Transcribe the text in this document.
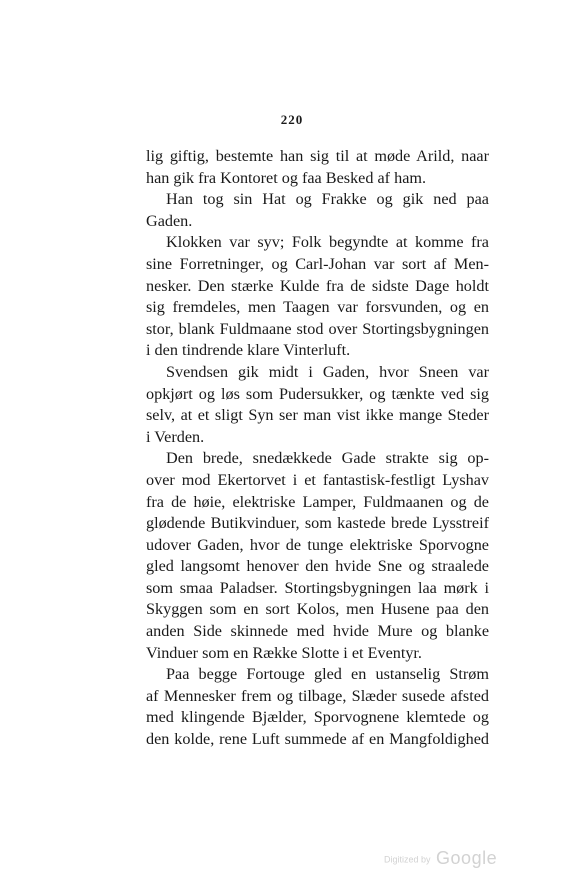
220
lig giftig, bestemte han sig til at møde Arild, naar
han gik fra Kontoret og faa Besked af ham.
Han tog sin Hat og Frakke og gik ned paa
Gaden.
Klokken var syv; Folk begyndte at komme fra
sine Forretninger, og Carl-Johan var sort af Men-
nesker. Den stærke Kulde fra de sidste Dage holdt
sig fremdeles, men Taagen var forsvunden, og en
stor, blank Fuldmaane stod over Stortingsbygningen
i den tindrende klare Vinterluft.
Svendsen gik midt i Gaden, hvor Sneen var
opkjørt og løs som Pudersukker, og tænkte ved sig
selv, at et sligt Syn ser man vist ikke mange Steder
i Verden.
Den brede, snedækkede Gade strakte sig op-
over mod Ekertorvet i et fantastisk-festligt Lyshav
fra de høie, elektriske Lamper, Fuldmaanen og de
glødende Butikvinduer, som kastede brede Lysstreif
udover Gaden, hvor de tunge elektriske Sporvogne
gled langsomt henover den hvide Sne og straalede
som smaa Paladser. Stortingsbygningen laa mørk i
Skyggen som en sort Kolos, men Husene paa den
anden Side skinnede med hvide Mure og blanke
Vinduer som en Række Slotte i et Eventyr.
Paa begge Fortouge gled en ustanselig Strøm
af Mennesker frem og tilbage, Slæder susede afsted
med klingende Bjælder, Sporvognene klemtede og
den kolde, rene Luft summede af en Mangfoldighed
Digitized by Google
